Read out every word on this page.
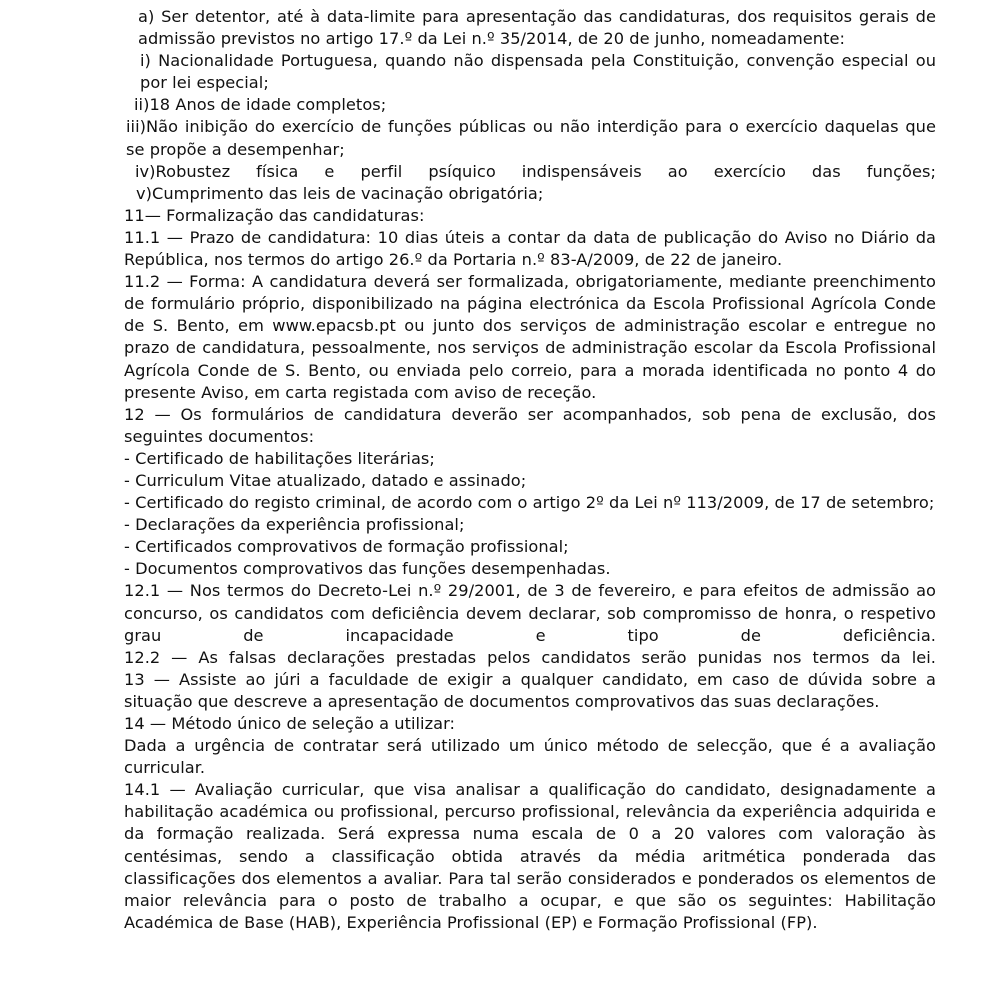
a) Ser detentor, até à data-limite para apresentação das candidaturas, dos requisitos gerais de admissão previstos no artigo 17.º da Lei n.º 35/2014, de 20 de junho, nomeadamente:

i) Nacionalidade Portuguesa, quando não dispensada pela Constituição, convenção especial ou por lei especial;

ii)18 Anos de idade completos;

iii)Não inibição do exercício de funções públicas ou não interdição para o exercício daquelas que se propõe a desempenhar;

iv)Robustez física e perfil psíquico indispensáveis ao exercício das funções;

v)Cumprimento das leis de vacinação obrigatória;

11— Formalização das candidaturas:

11.1 — Prazo de candidatura: 10 dias úteis a contar da data de publicação do Aviso no Diário da República, nos termos do artigo 26.º da Portaria n.º 83-A/2009, de 22 de janeiro.

11.2 — Forma: A candidatura deverá ser formalizada, obrigatoriamente, mediante preenchimento de formulário próprio, disponibilizado na página electrónica da Escola Profissional Agrícola Conde de S. Bento, em www.epacsb.pt ou junto dos serviços de administração escolar e entregue no prazo de candidatura, pessoalmente, nos serviços de administração escolar da Escola Profissional Agrícola Conde de S. Bento, ou enviada pelo correio, para a morada identificada no ponto 4 do presente Aviso, em carta registada com aviso de receção.

12 — Os formulários de candidatura deverão ser acompanhados, sob pena de exclusão, dos seguintes documentos:

- Certificado de habilitações literárias;

- Curriculum Vitae atualizado, datado e assinado;

- Certificado do registo criminal, de acordo com o artigo 2º da Lei nº 113/2009, de 17 de setembro;

- Declarações da experiência profissional;

- Certificados comprovativos de formação profissional;

- Documentos comprovativos das funções desempenhadas.

12.1 — Nos termos do Decreto-Lei n.º 29/2001, de 3 de fevereiro, e para efeitos de admissão ao concurso, os candidatos com deficiência devem declarar, sob compromisso de honra, o respetivo grau de incapacidade e tipo de deficiência.

12.2 — As falsas declarações prestadas pelos candidatos serão punidas nos termos da lei.

13 — Assiste ao júri a faculdade de exigir a qualquer candidato, em caso de dúvida sobre a situação que descreve a apresentação de documentos comprovativos das suas declarações.

14 — Método único de seleção a utilizar:

Dada a urgência de contratar será utilizado um único método de selecção, que é a avaliação curricular.

14.1 — Avaliação curricular, que visa analisar a qualificação do candidato, designadamente a habilitação académica ou profissional, percurso profissional, relevância da experiência adquirida e da formação realizada. Será expressa numa escala de 0 a 20 valores com valoração às centésimas, sendo a classificação obtida através da média aritmética ponderada das classificações dos elementos a avaliar. Para tal serão considerados e ponderados os elementos de maior relevância para o posto de trabalho a ocupar, e que são os seguintes: Habilitação Académica de Base (HAB), Experiência Profissional (EP) e Formação Profissional (FP).
